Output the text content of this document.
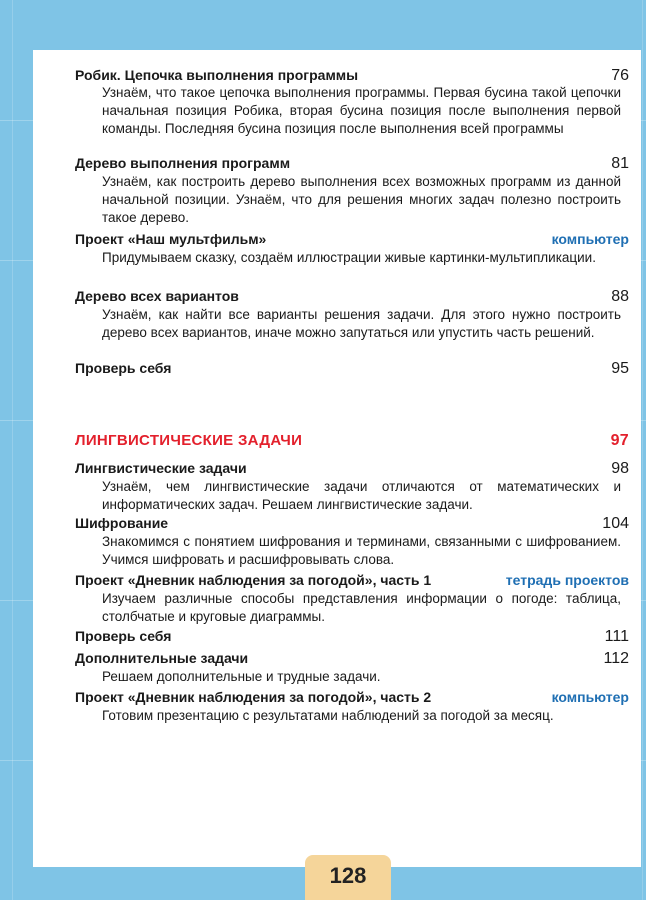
Робик. Цепочка выполнения программы	76
Узнаём, что такое цепочка выполнения программы. Первая бусина такой цепочки начальная позиция Робика, вторая бусина позиция после выполнения первой команды. Последняя бусина позиция после выполнения всей программы
Дерево выполнения программ	81
Узнаём, как построить дерево выполнения всех возможных программ из данной начальной позиции. Узнаём, что для решения многих задач полезно построить такое дерево.
Проект «Наш мультфильм»	компьютер
Придумываем сказку, создаём иллюстрации живые картинки-мультипликации.
Дерево всех вариантов	88
Узнаём, как найти все варианты решения задачи. Для этого нужно построить дерево всех вариантов, иначе можно запутаться или упустить часть решений.
Проверь себя	95
ЛИНГВИСТИЧЕСКИЕ ЗАДАЧИ	97
Лингвистические задачи	98
Узнаём, чем лингвистические задачи отличаются от математических и информатических задач. Решаем лингвистические задачи.
Шифрование	104
Знакомимся с понятием шифрования и терминами, связанными с шифрованием. Учимся шифровать и расшифровывать слова.
Проект «Дневник наблюдения за погодой», часть 1	тетрадь проектов
Изучаем различные способы представления информации о погоде: таблица, столбчатые и круговые диаграммы.
Проверь себя	111
Дополнительные задачи	112
Решаем дополнительные и трудные задачи.
Проект «Дневник наблюдения за погодой», часть 2	компьютер
Готовим презентацию с результатами наблюдений за погодой за месяц.
128
